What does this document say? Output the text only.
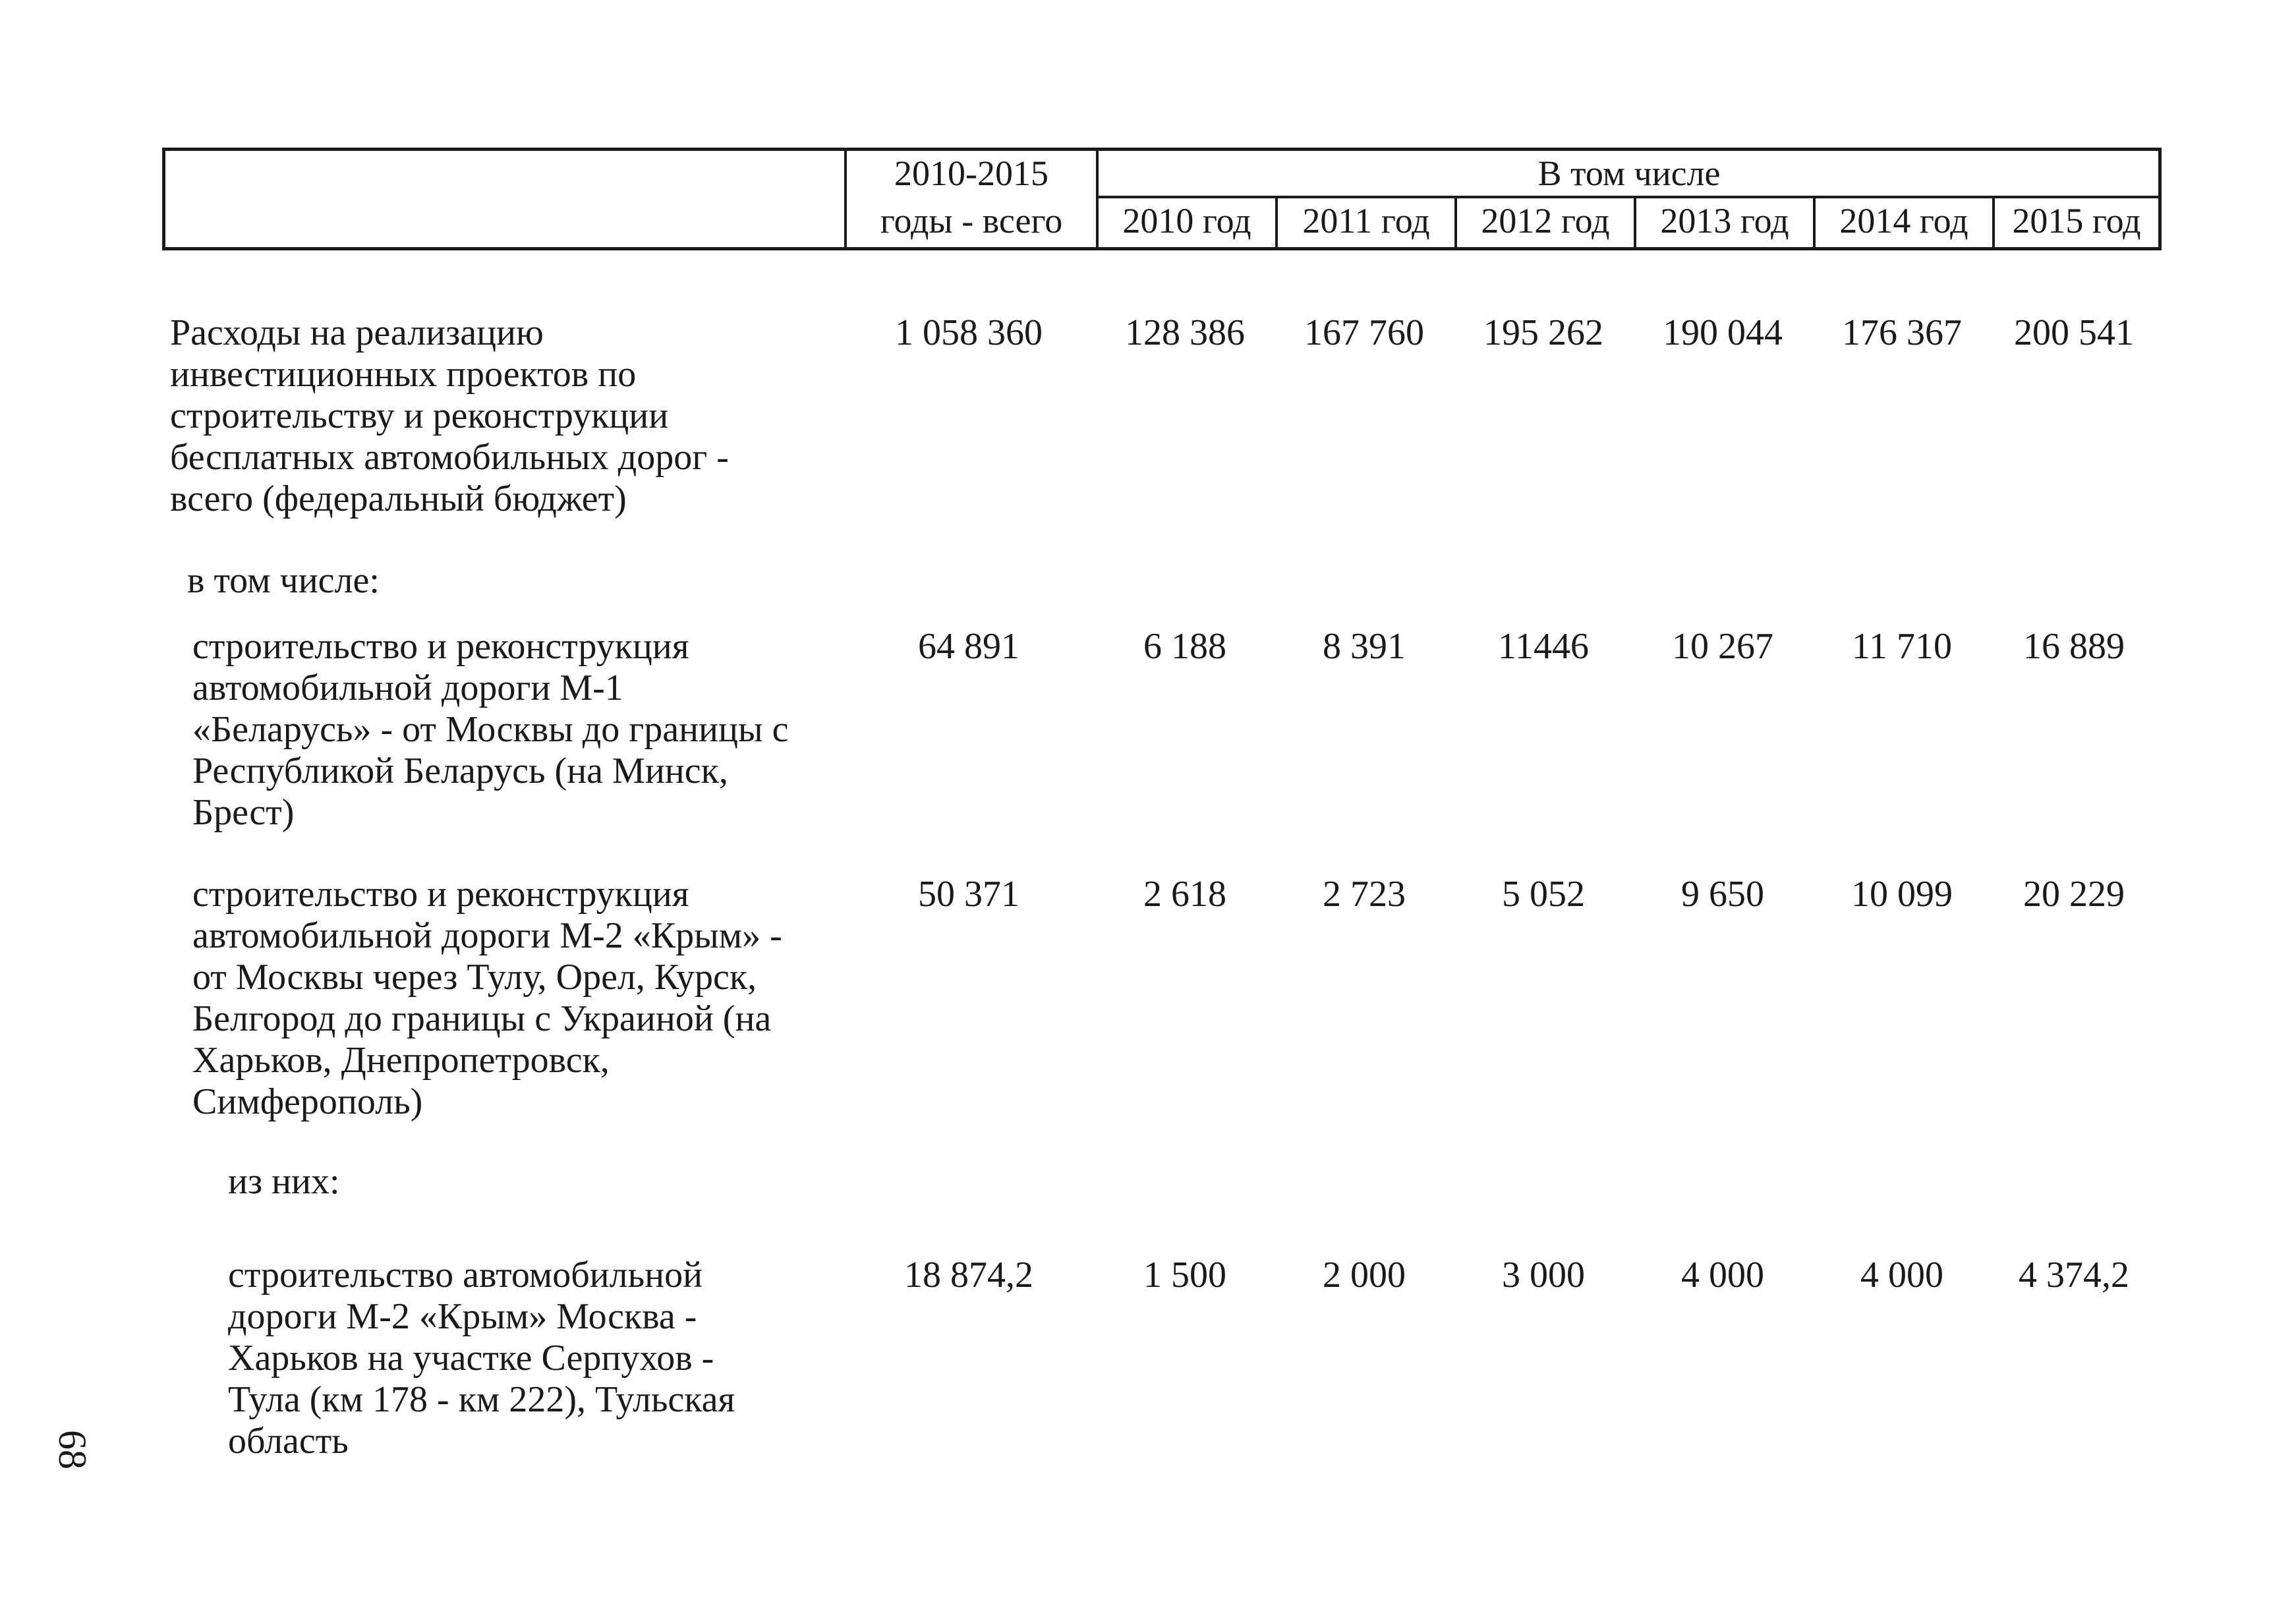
2010-2015
годы - всего
В том числе
2010 год	2011 год	2012 год	2013 год	2014 год	2015 год
Расходы на реализацию
инвестиционных проектов по
строительству и реконструкции
бесплатных автомобильных дорог -
всего (федеральный бюджет)
1 058 360	128 386	167 760	195 262	190 044	176 367	200 541
в том числе:
строительство и реконструкция
автомобильной дороги М-1
«Беларусь» - от Москвы до границы с
Республикой Беларусь (на Минск,
Брест)
64 891	6 188	8 391	11446	10 267	11 710	16 889
строительство и реконструкция
автомобильной дороги М-2 «Крым» -
от Москвы через Тулу, Орел, Курск,
Белгород до границы с Украиной (на
Харьков, Днепропетровск,
Симферополь)
50 371	2 618	2 723	5 052	9 650	10 099	20 229
из них:
строительство автомобильной
дороги М-2 «Крым» Москва -
Харьков на участке Серпухов -
Тула (км 178 - км 222), Тульская
область
18 874,2	1 500	2 000	3 000	4 000	4 000	4 374,2
68
